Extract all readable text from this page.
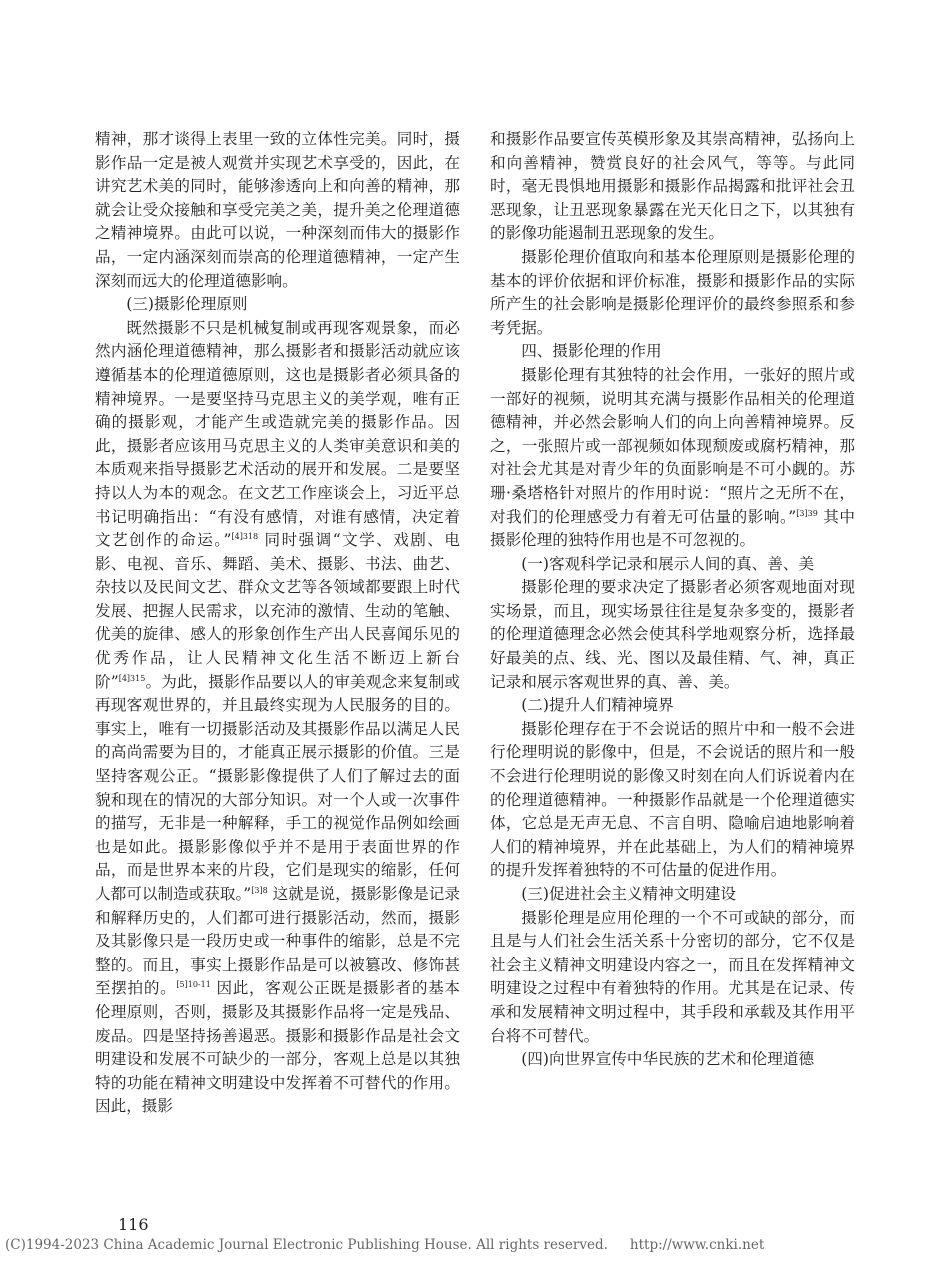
精神，那才谈得上表里一致的立体性完美。同时，摄影作品一定是被人观赏并实现艺术享受的，因此，在讲究艺术美的同时，能够渗透向上和向善的精神，那就会让受众接触和享受完美之美，提升美之伦理道德之精神境界。由此可以说，一种深刻而伟大的摄影作品，一定内涵深刻而崇高的伦理道德精神，一定产生深刻而远大的伦理道德影响。

(三)摄影伦理原则

既然摄影不只是机械复制或再现客观景象，而必然内涵伦理道德精神，那么摄影者和摄影活动就应该遵循基本的伦理道德原则，这也是摄影者必须具备的精神境界。一是要坚持马克思主义的美学观，唯有正确的摄影观，才能产生或造就完美的摄影作品。因此，摄影者应该用马克思主义的人类审美意识和美的本质观来指导摄影艺术活动的展开和发展。二是要坚持以人为本的观念。在文艺工作座谈会上，习近平总书记明确指出：“有没有感情，对谁有感情，决定着文艺创作的命运。”$^{[4]318}$ 同时强调“文学、戏剧、电影、电视、音乐、舞蹈、美术、摄影、书法、曲艺、杂技以及民间文艺、群众文艺等各领域都要跟上时代发展、把握人民需求，以充沛的激情、生动的笔触、优美的旋律、感人的形象创作生产出人民喜闻乐见的优秀作品，让人民精神文化生活不断迈上新台阶”$^{[4]315}$。为此，摄影作品要以人的审美观念来复制或再现客观世界的，并且最终实现为人民服务的目的。事实上，唯有一切摄影活动及其摄影作品以满足人民的高尚需要为目的，才能真正展示摄影的价值。三是坚持客观公正。“摄影影像提供了人们了解过去的面貌和现在的情况的大部分知识。对一个人或一次事件的描写，无非是一种解释，手工的视觉作品例如绘画也是如此。摄影影像似乎并不是用于表面世界的作品，而是世界本来的片段，它们是现实的缩影，任何人都可以制造或获取。”$^{[3]8}$ 这就是说，摄影影像是记录和解释历史的，人们都可进行摄影活动，然而，摄影及其影像只是一段历史或一种事件的缩影，总是不完整的。而且，事实上摄影作品是可以被篡改、修饰甚至摆拍的。$^{[5]10-11}$ 因此，客观公正既是摄影者的基本伦理原则，否则，摄影及其摄影作品将一定是残品、废品。四是坚持扬善遏恶。摄影和摄影作品是社会文明建设和发展不可缺少的一部分，客观上总是以其独特的功能在精神文明建设中发挥着不可替代的作用。因此，摄影

和摄影作品要宣传英模形象及其崇高精神，弘扬向上和向善精神，赞赏良好的社会风气，等等。与此同时，毫无畏惧地用摄影和摄影作品揭露和批评社会丑恶现象，让丑恶现象暴露在光天化日之下，以其独有的影像功能遏制丑恶现象的发生。

摄影伦理价值取向和基本伦理原则是摄影伦理的基本的评价依据和评价标准，摄影和摄影作品的实际所产生的社会影响是摄影伦理评价的最终参照系和参考凭据。

四、摄影伦理的作用

摄影伦理有其独特的社会作用，一张好的照片或一部好的视频，说明其充满与摄影作品相关的伦理道德精神，并必然会影响人们的向上向善精神境界。反之，一张照片或一部视频如体现颓废或腐朽精神，那对社会尤其是对青少年的负面影响是不可小觑的。苏珊·桑塔格针对照片的作用时说：“照片之无所不在，对我们的伦理感受力有着无可估量的影响。”$^{[3]39}$ 其中摄影伦理的独特作用也是不可忽视的。

(一)客观科学记录和展示人间的真、善、美

摄影伦理的要求决定了摄影者必须客观地面对现实场景，而且，现实场景往往是复杂多变的，摄影者的伦理道德理念必然会使其科学地观察分析，选择最好最美的点、线、光、图以及最佳精、气、神，真正记录和展示客观世界的真、善、美。

(二)提升人们精神境界

摄影伦理存在于不会说话的照片中和一般不会进行伦理明说的影像中，但是，不会说话的照片和一般不会进行伦理明说的影像又时刻在向人们诉说着内在的伦理道德精神。一种摄影作品就是一个伦理道德实体，它总是无声无息、不言自明、隐喻启迪地影响着人们的精神境界，并在此基础上，为人们的精神境界的提升发挥着独特的不可估量的促进作用。

(三)促进社会主义精神文明建设

摄影伦理是应用伦理的一个不可或缺的部分，而且是与人们社会生活关系十分密切的部分，它不仅是社会主义精神文明建设内容之一，而且在发挥精神文明建设之过程中有着独特的作用。尤其是在记录、传承和发展精神文明过程中，其手段和承载及其作用平台将不可替代。

(四)向世界宣传中华民族的艺术和伦理道德

116
(C)1994-2023 China Academic Journal Electronic Publishing House. All rights reserved. http://www.cnki.net
